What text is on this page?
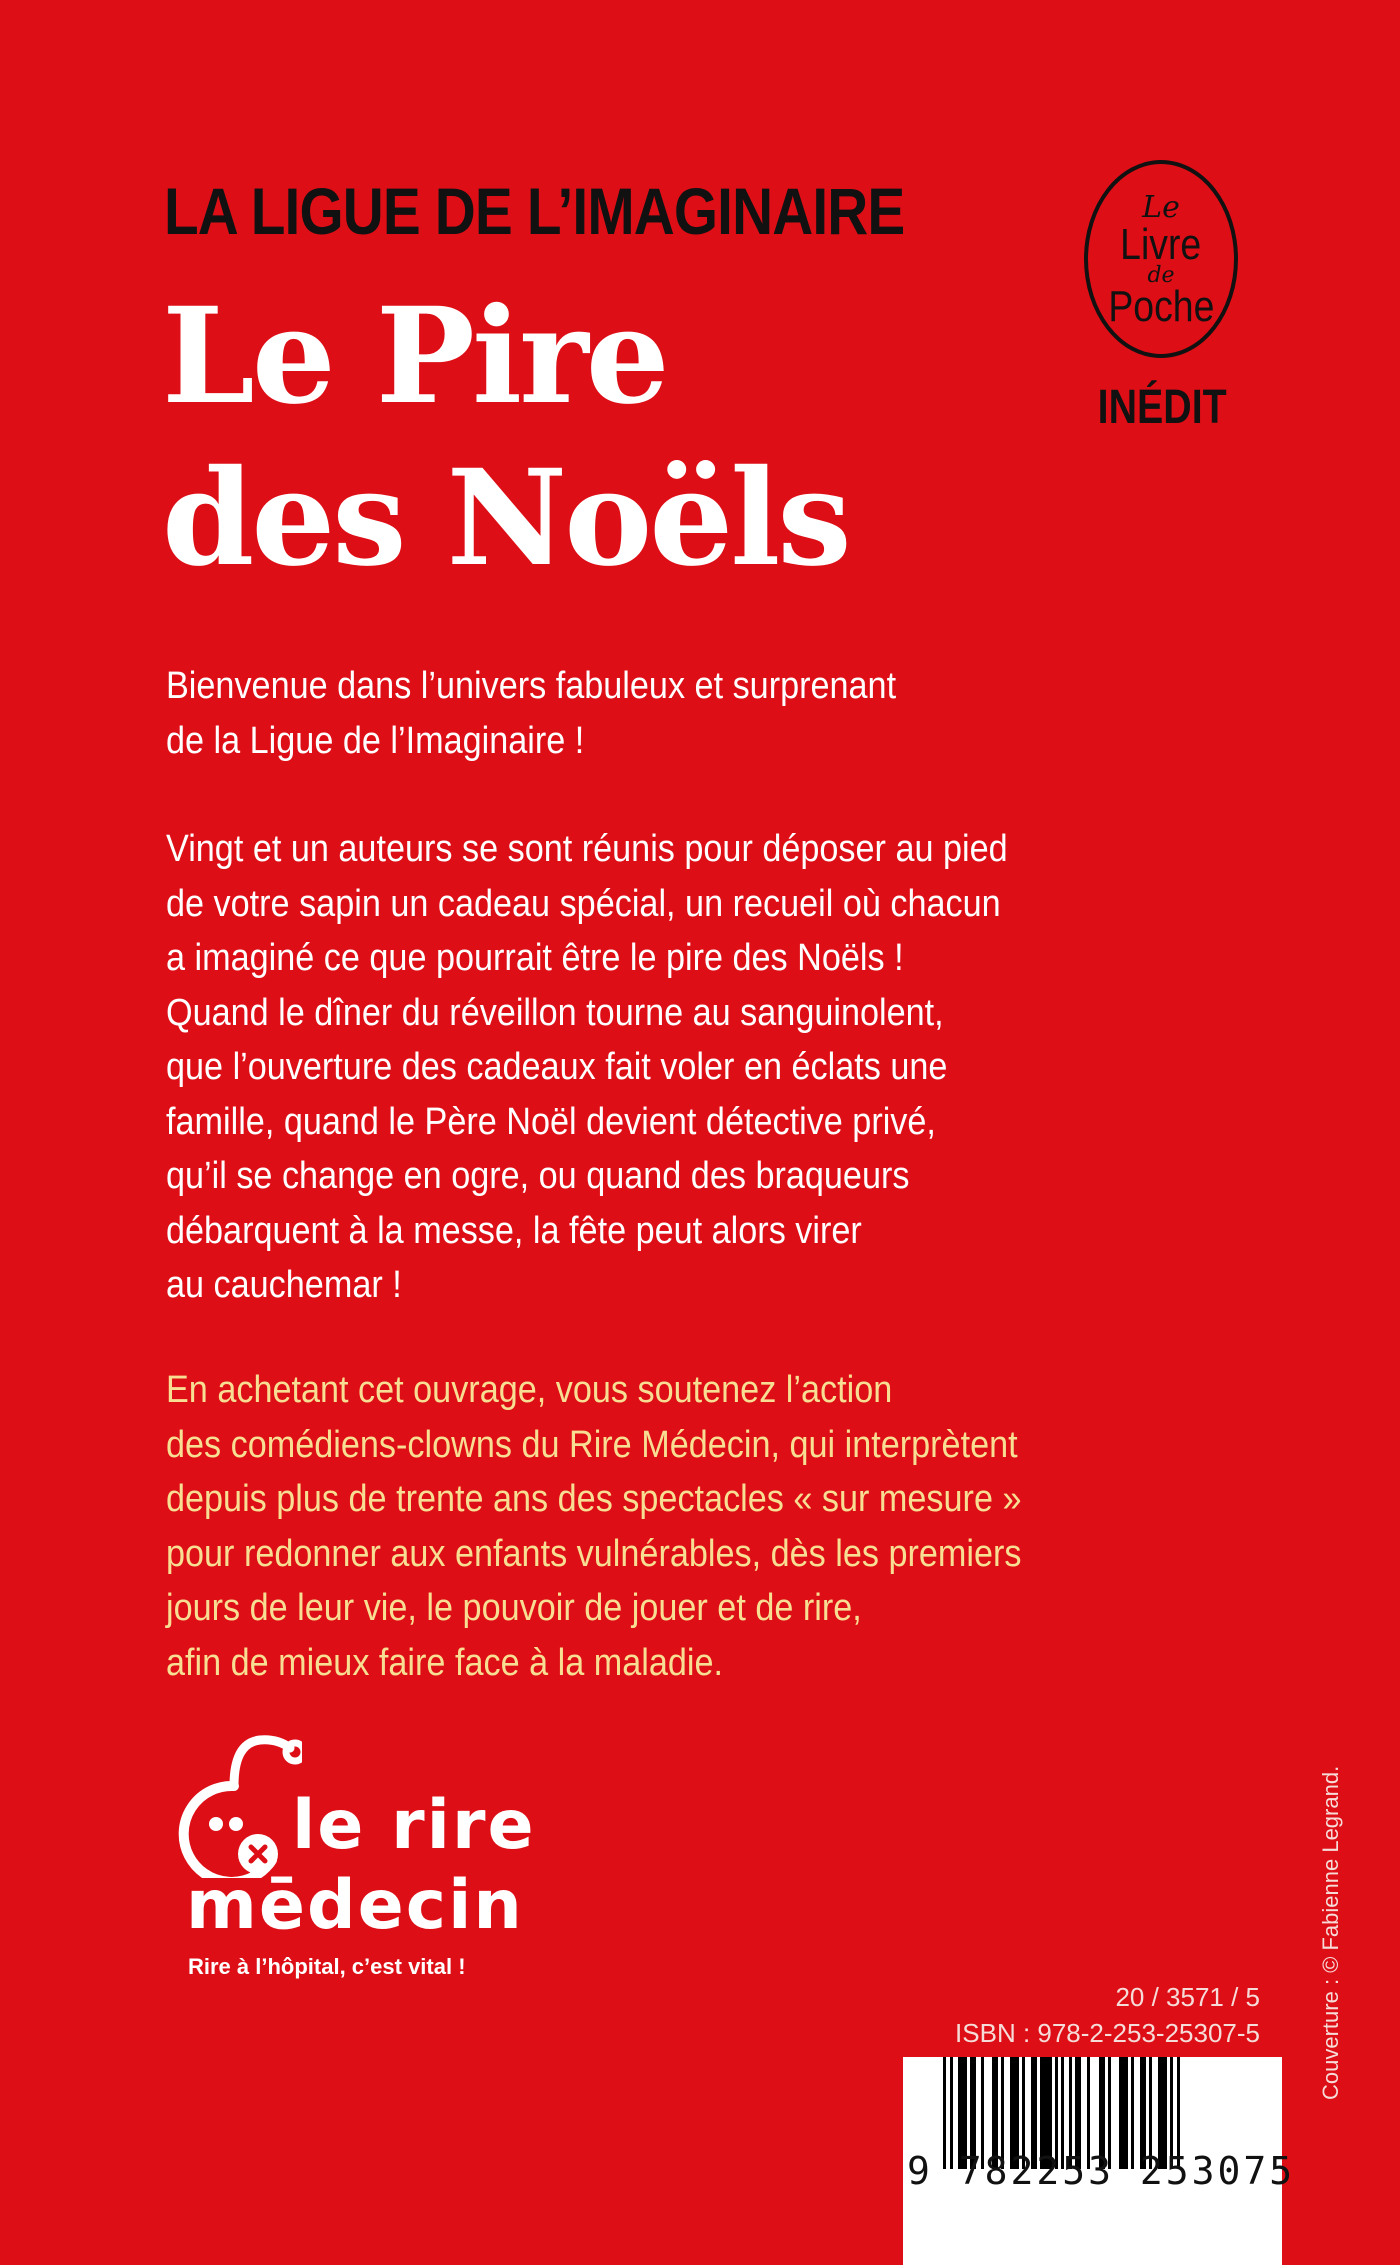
LA LIGUE DE L’IMAGINAIRE
Le Pire
des Noëls
Le
Livre
de
Poche
INÉDIT
Bienvenue dans l’univers fabuleux et surprenant
de la Ligue de l’Imaginaire !
Vingt et un auteurs se sont réunis pour déposer au pied
de votre sapin un cadeau spécial, un recueil où chacun
a imaginé ce que pourrait être le pire des Noëls !
Quand le dîner du réveillon tourne au sanguinolent,
que l’ouverture des cadeaux fait voler en éclats une
famille, quand le Père Noël devient détective privé,
qu’il se change en ogre, ou quand des braqueurs
débarquent à la messe, la fête peut alors virer
au cauchemar !
En achetant cet ouvrage, vous soutenez l’action
des comédiens-clowns du Rire Médecin, qui interprètent
depuis plus de trente ans des spectacles « sur mesure »
pour redonner aux enfants vulnérables, dès les premiers
jours de leur vie, le pouvoir de jouer et de rire,
afin de mieux faire face à la maladie.
le rire
mēdecin
Rire à l’hôpital, c’est vital !
20 / 3571 / 5
ISBN : 978-2-253-25307-5
9 782253 253075
Couverture : © Fabienne Legrand.
